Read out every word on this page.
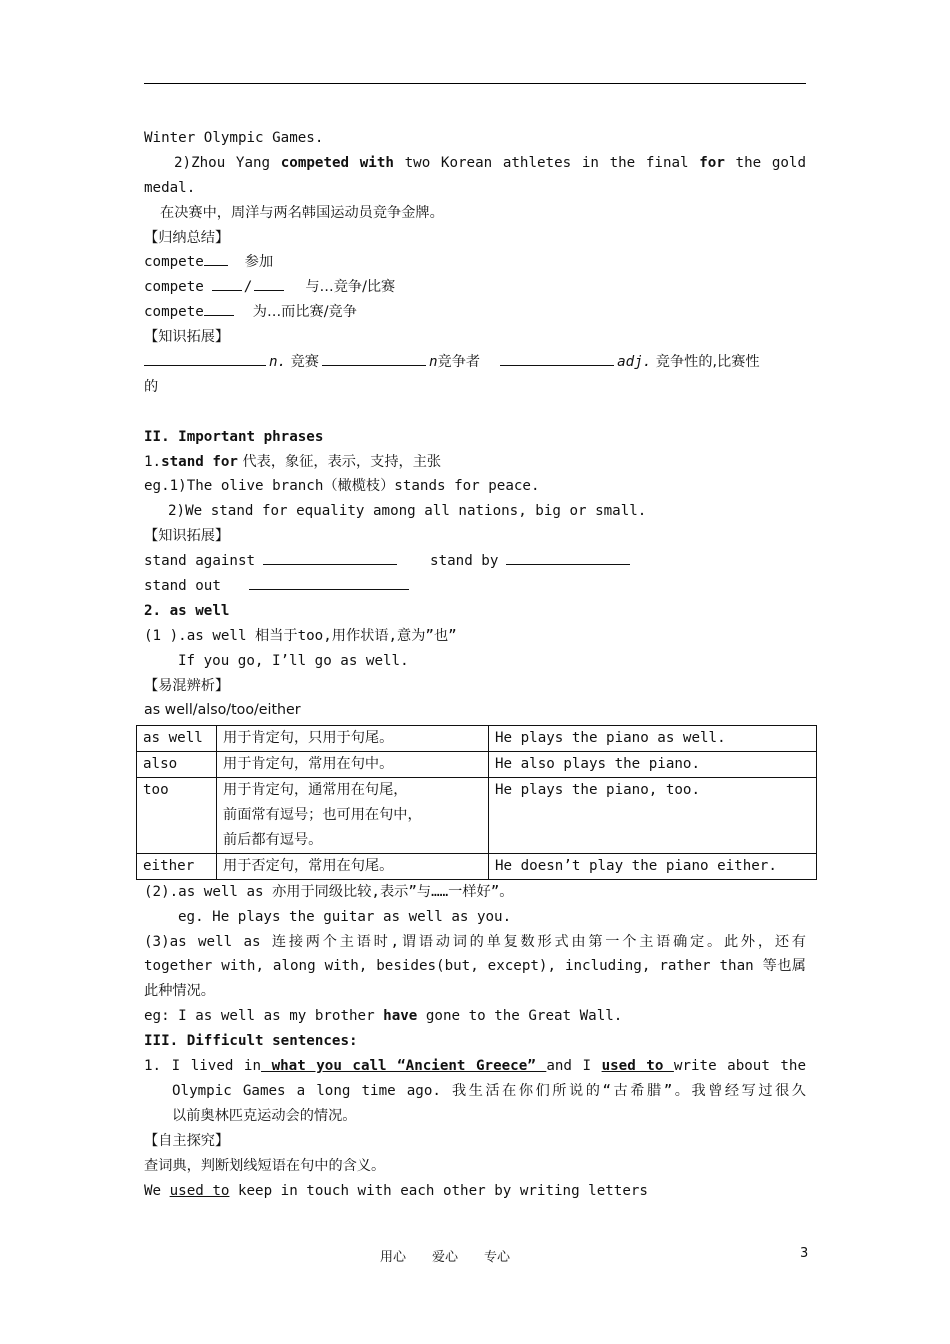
Winter Olympic Games.
2)Zhou Yang competed with two Korean athletes in the final for the gold
medal.
在决赛中，周洋与两名韩国运动员竞争金牌。
【归纳总结】
compete	参加
compete	/	与…竞争/比赛
compete	为…而比赛/竞争
【知识拓展】
n. 竞赛	n竞争者	adj. 竞争性的,比赛性
的
II. Important phrases
1.stand for 代表，象征，表示，支持，主张
eg.1)The olive branch（橄榄枝）stands for peace.
2)We stand for equality among all nations, big or small.
【知识拓展】
stand against	stand by
stand out
2. as well
(1 ).as well 相当于too,用作状语,意为”也”
If you go, I’ll go as well.
【易混辨析】
as well/also/too/either
as well	用于肯定句，只用于句尾。	He plays the piano as well.
also	用于肯定句，常用在句中。	He also plays the piano.
too	用于肯定句，通常用在句尾，
前面常有逗号；也可用在句中，
前后都有逗号。	He plays the piano, too.
either	用于否定句，常用在句尾。	He doesn’t play the piano either.
(2).as well as 亦用于同级比较,表示”与……一样好”。
eg. He plays the guitar as well as you.
(3)as well as 连接两个主语时,谓语动词的单复数形式由第一个主语确定。此外，还有
together with, along with, besides(but, except), including, rather than 等也属
此种情况。
eg: I as well as my brother have gone to the Great Wall.
III. Difficult sentences:
1. I lived in what you call “Ancient Greece” and I used to write about the
Olympic Games a long time ago. 我生活在你们所说的“古希腊”。我曾经写过很久
以前奥林匹克运动会的情况。
【自主探究】
查词典，判断划线短语在句中的含义。
We used to keep in touch with each other by writing letters
用心 爱心 专心	3
